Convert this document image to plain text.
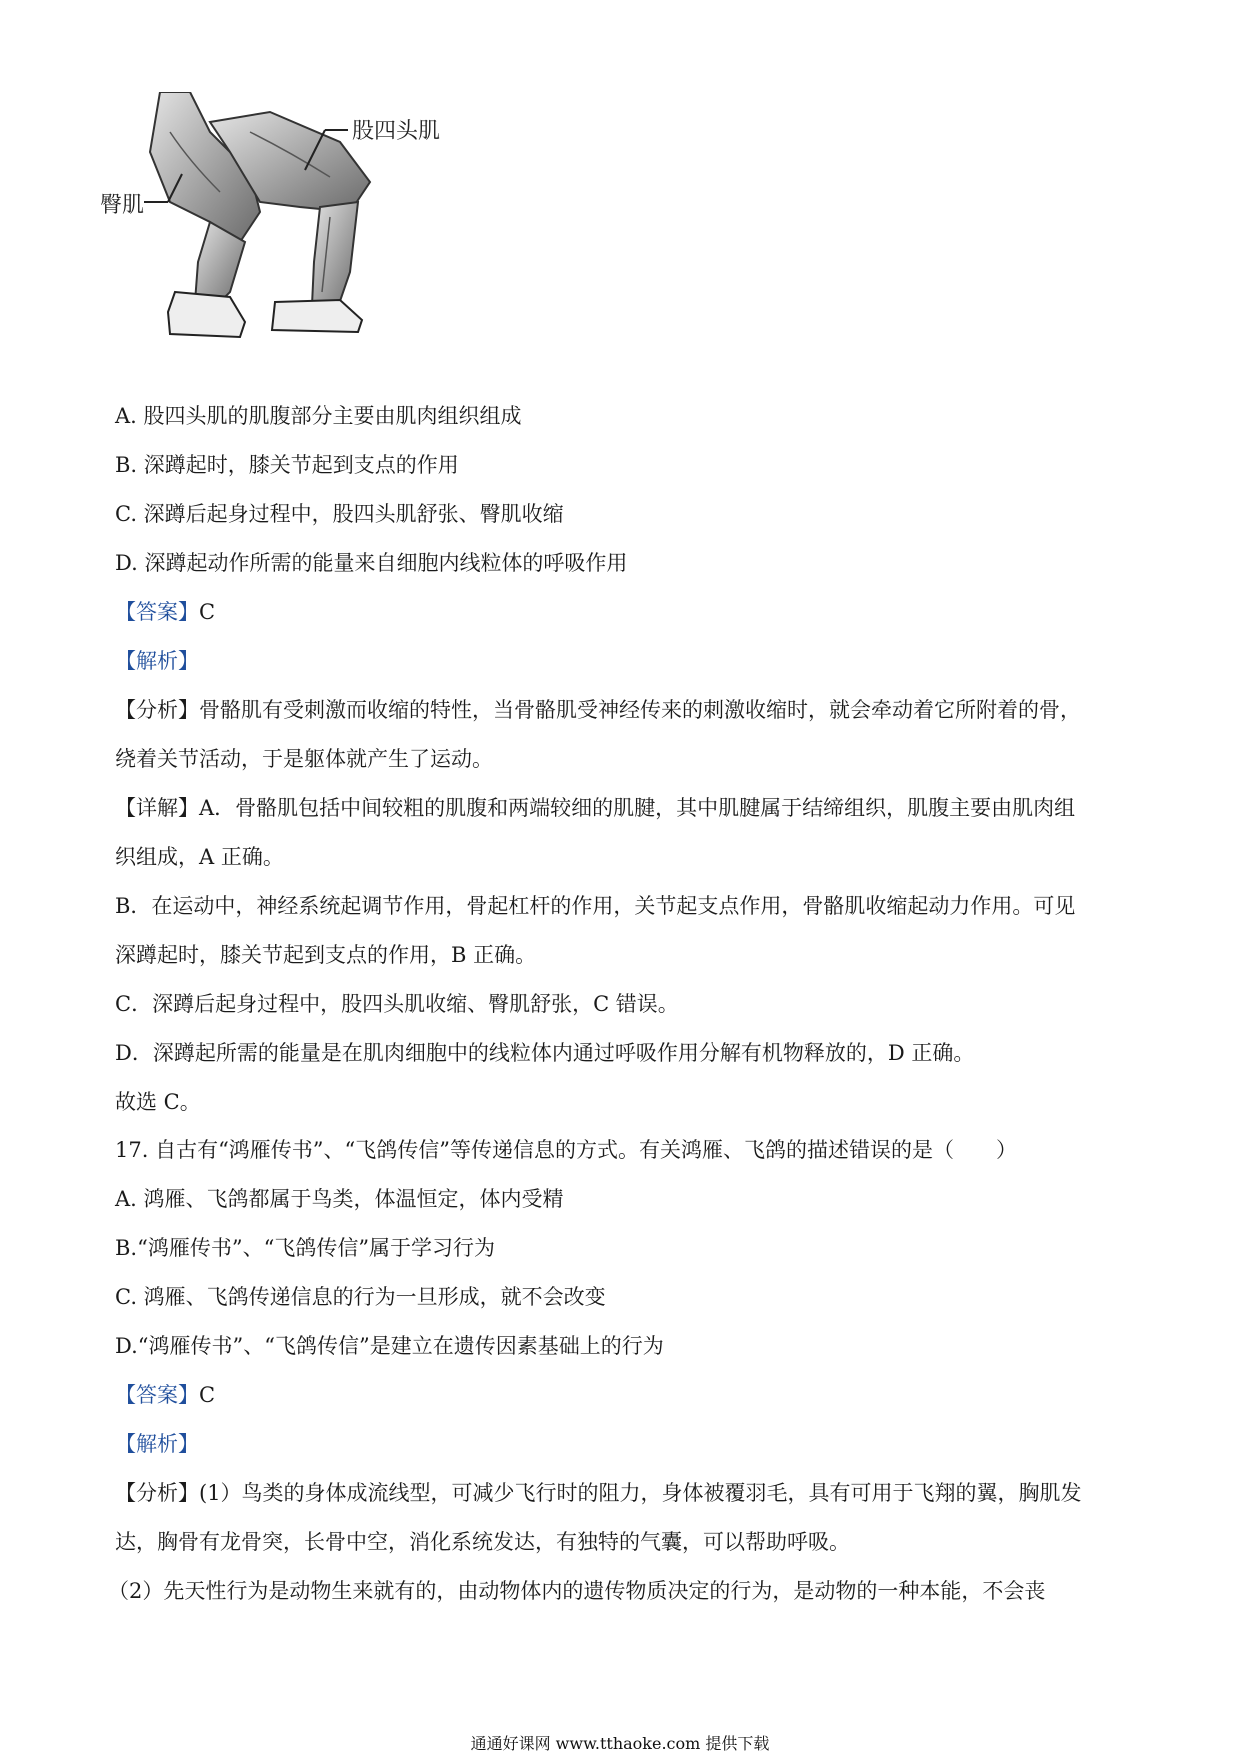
股四头肌
臀肌
A. 股四头肌的肌腹部分主要由肌肉组织组成
B. 深蹲起时，膝关节起到支点的作用
C. 深蹲后起身过程中，股四头肌舒张、臀肌收缩
D. 深蹲起动作所需的能量来自细胞内线粒体的呼吸作用
【答案】C
【解析】
【分析】骨骼肌有受刺激而收缩的特性，当骨骼肌受神经传来的刺激收缩时，就会牵动着它所附着的骨，
绕着关节活动，于是躯体就产生了运动。
【详解】A．骨骼肌包括中间较粗的肌腹和两端较细的肌腱，其中肌腱属于结缔组织，肌腹主要由肌肉组
织组成，A 正确。
B．在运动中，神经系统起调节作用，骨起杠杆的作用，关节起支点作用，骨骼肌收缩起动力作用。可见
深蹲起时，膝关节起到支点的作用，B 正确。
C．深蹲后起身过程中，股四头肌收缩、臀肌舒张，C 错误。
D．深蹲起所需的能量是在肌肉细胞中的线粒体内通过呼吸作用分解有机物释放的，D 正确。
故选 C。
17. 自古有“鸿雁传书”、“飞鸽传信”等传递信息的方式。有关鸿雁、飞鸽的描述错误的是（　　）
A. 鸿雁、飞鸽都属于鸟类，体温恒定，体内受精
B.“鸿雁传书”、“飞鸽传信”属于学习行为
C. 鸿雁、飞鸽传递信息的行为一旦形成，就不会改变
D.“鸿雁传书”、“飞鸽传信”是建立在遗传因素基础上的行为
【答案】C
【解析】
【分析】(1）鸟类的身体成流线型，可减少飞行时的阻力，身体被覆羽毛，具有可用于飞翔的翼，胸肌发
达，胸骨有龙骨突，长骨中空，消化系统发达，有独特的气囊，可以帮助呼吸。
（2）先天性行为是动物生来就有的，由动物体内的遗传物质决定的行为，是动物的一种本能，不会丧
通通好课网 www.tthaoke.com 提供下载
